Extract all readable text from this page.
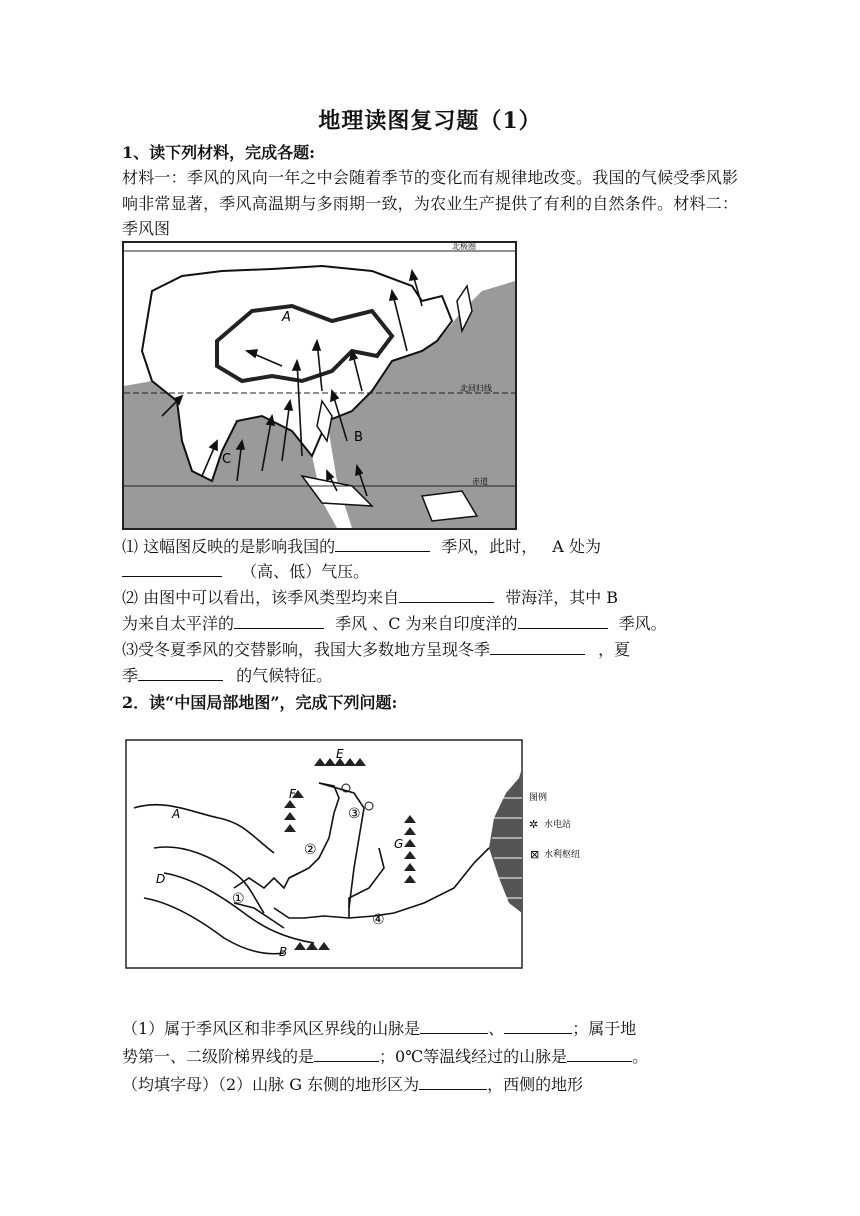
地理读图复习题（1）
1、读下列材料，完成各题:
材料一：季风的风向一年之中会随着季节的变化而有规律地改变。我国的气候受季风影响非常显著，季风高温期与多雨期一致，为农业生产提供了有利的自然条件。材料二：季风图
北极圈
北回归线
赤道
A
B
C
⑴ 这幅图反映的是影响我国的	季风，此时， A 处为
（高、低）气压。
⑵ 由图中可以看出，该季风类型均来自	带海洋，其中 B
为来自太平洋的	季风 、C 为来自印度洋的	季风。
⑶受冬夏季风的交替影响，我国大多数地方呈现冬季	，夏
季	的气候特征。
2．读“中国局部地图”，完成下列问题:
①
②
③
④
E
F
G
A
D
B
图例
✲ 水电站
⊠ 水利枢纽
（1）属于季风区和非季风区界线的山脉是	、	；属于地
势第一、二级阶梯界线的是	；0℃等温线经过的山脉是	。
（均填字母）（2）山脉 G 东侧的地形区为	，西侧的地形
